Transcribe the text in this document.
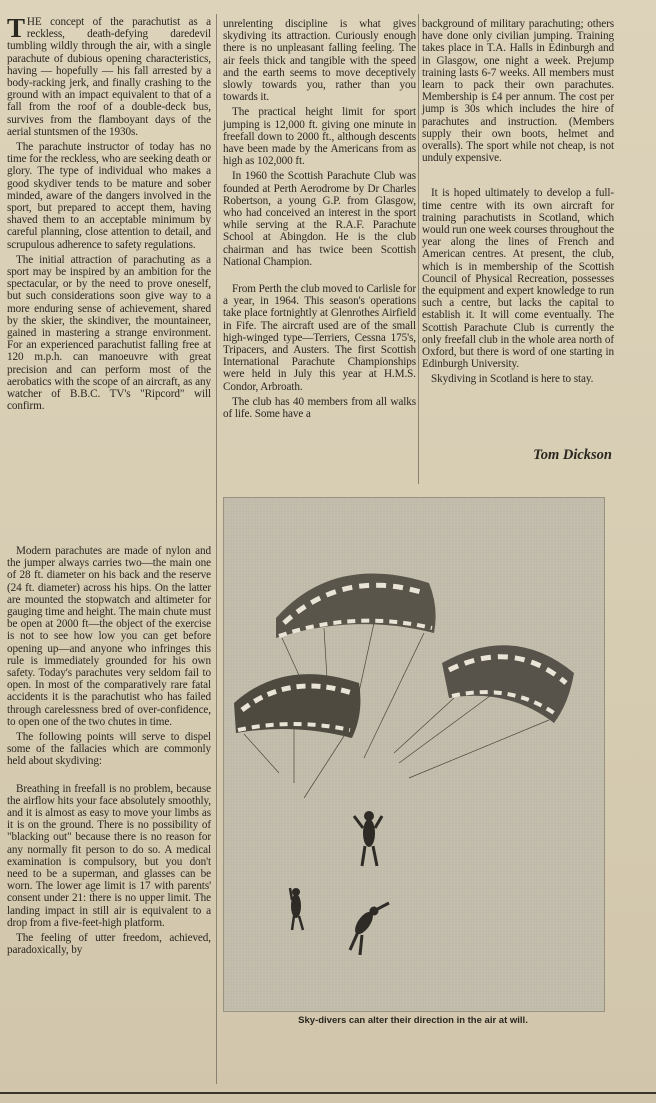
THE concept of the parachutist as a reckless, death-defying daredevil tumbling wildly through the air, with a single parachute of dubious opening characteristics, having — hopefully — his fall arrested by a body-racking jerk, and finally crashing to the ground with an impact equivalent to that of a fall from the roof of a double-deck bus, survives from the flamboyant days of the aerial stuntsmen of the 1930s.

The parachute instructor of today has no time for the reckless, who are seeking death or glory. The type of individual who makes a good skydiver tends to be mature and sober minded, aware of the dangers involved in the sport, but prepared to accept them, having shaved them to an acceptable minimum by careful planning, close attention to detail, and scrupulous adherence to safety regulations.

The initial attraction of parachuting as a sport may be inspired by an ambition for the spectacular, or by the need to prove oneself, but such considerations soon give way to a more enduring sense of achievement, shared by the skier, the skindiver, the mountaineer, gained in mastering a strange environment. For an experienced parachutist falling free at 120 m.p.h. can manoeuvre with great precision and can perform most of the aerobatics with the scope of an aircraft, as any watcher of B.B.C. TV's "Ripcord" will confirm.

Modern parachutes are made of nylon and the jumper always carries two—the main one of 28 ft. diameter on his back and the reserve (24 ft. diameter) across his hips. On the latter are mounted the stopwatch and altimeter for gauging time and height. The main chute must be open at 2000 ft—the object of the exercise is not to see how low you can get before opening up—and anyone who infringes this rule is immediately grounded for his own safety. Today's parachutes very seldom fail to open. In most of the comparatively rare fatal accidents it is the parachutist who has failed through carelessness bred of over-confidence, to open one of the two chutes in time.

The following points will serve to dispel some of the fallacies which are commonly held about skydiving:

Breathing in freefall is no problem, because the airflow hits your face absolutely smoothly, and it is almost as easy to move your limbs as it is on the ground. There is no possibility of "blacking out" because there is no reason for any normally fit person to do so. A medical examination is compulsory, but you don't need to be a superman, and glasses can be worn. The lower age limit is 17 with parents' consent under 21: there is no upper limit. The landing impact in still air is equivalent to a drop from a five-feet-high platform.

The feeling of utter freedom, achieved, paradoxically, by

unrelenting discipline is what gives skydiving its attraction. Curiously enough there is no unpleasant falling feeling. The air feels thick and tangible with the speed and the earth seems to move deceptively slowly towards you, rather than you towards it.

The practical height limit for sport jumping is 12,000 ft. giving one minute in freefall down to 2000 ft., although descents have been made by the Americans from as high as 102,000 ft.

In 1960 the Scottish Parachute Club was founded at Perth Aerodrome by Dr Charles Robertson, a young G.P. from Glasgow, who had conceived an interest in the sport while serving at the R.A.F. Parachute School at Abingdon. He is the club chairman and has twice been Scottish National Champion.

From Perth the club moved to Carlisle for a year, in 1964. This season's operations take place fortnightly at Glenrothes Airfield in Fife. The aircraft used are of the small high-winged type—Terriers, Cessna 175's, Tripacers, and Austers. The first Scottish International Parachute Championships were held in July this year at H.M.S. Condor, Arbroath.

The club has 40 members from all walks of life. Some have a

background of military parachuting; others have done only civilian jumping. Training takes place in T.A. Halls in Edinburgh and in Glasgow, one night a week. Prejump training lasts 6-7 weeks. All members must learn to pack their own parachutes. Membership is £4 per annum. The cost per jump is 30s which includes the hire of parachutes and instruction. (Members supply their own boots, helmet and overalls). The sport while not cheap, is not unduly expensive.

It is hoped ultimately to develop a full-time centre with its own aircraft for training parachutists in Scotland, which would run one week courses throughout the year along the lines of French and American centres. At present, the club, which is in membership of the Scottish Council of Physical Recreation, possesses the equipment and expert knowledge to run such a centre, but lacks the capital to establish it. It will come eventually. The Scottish Parachute Club is currently the only freefall club in the whole area north of Oxford, but there is word of one starting in Edinburgh University.

Skydiving in Scotland is here to stay.

Tom Dickson
Sky-divers can alter their direction in the air at will.
